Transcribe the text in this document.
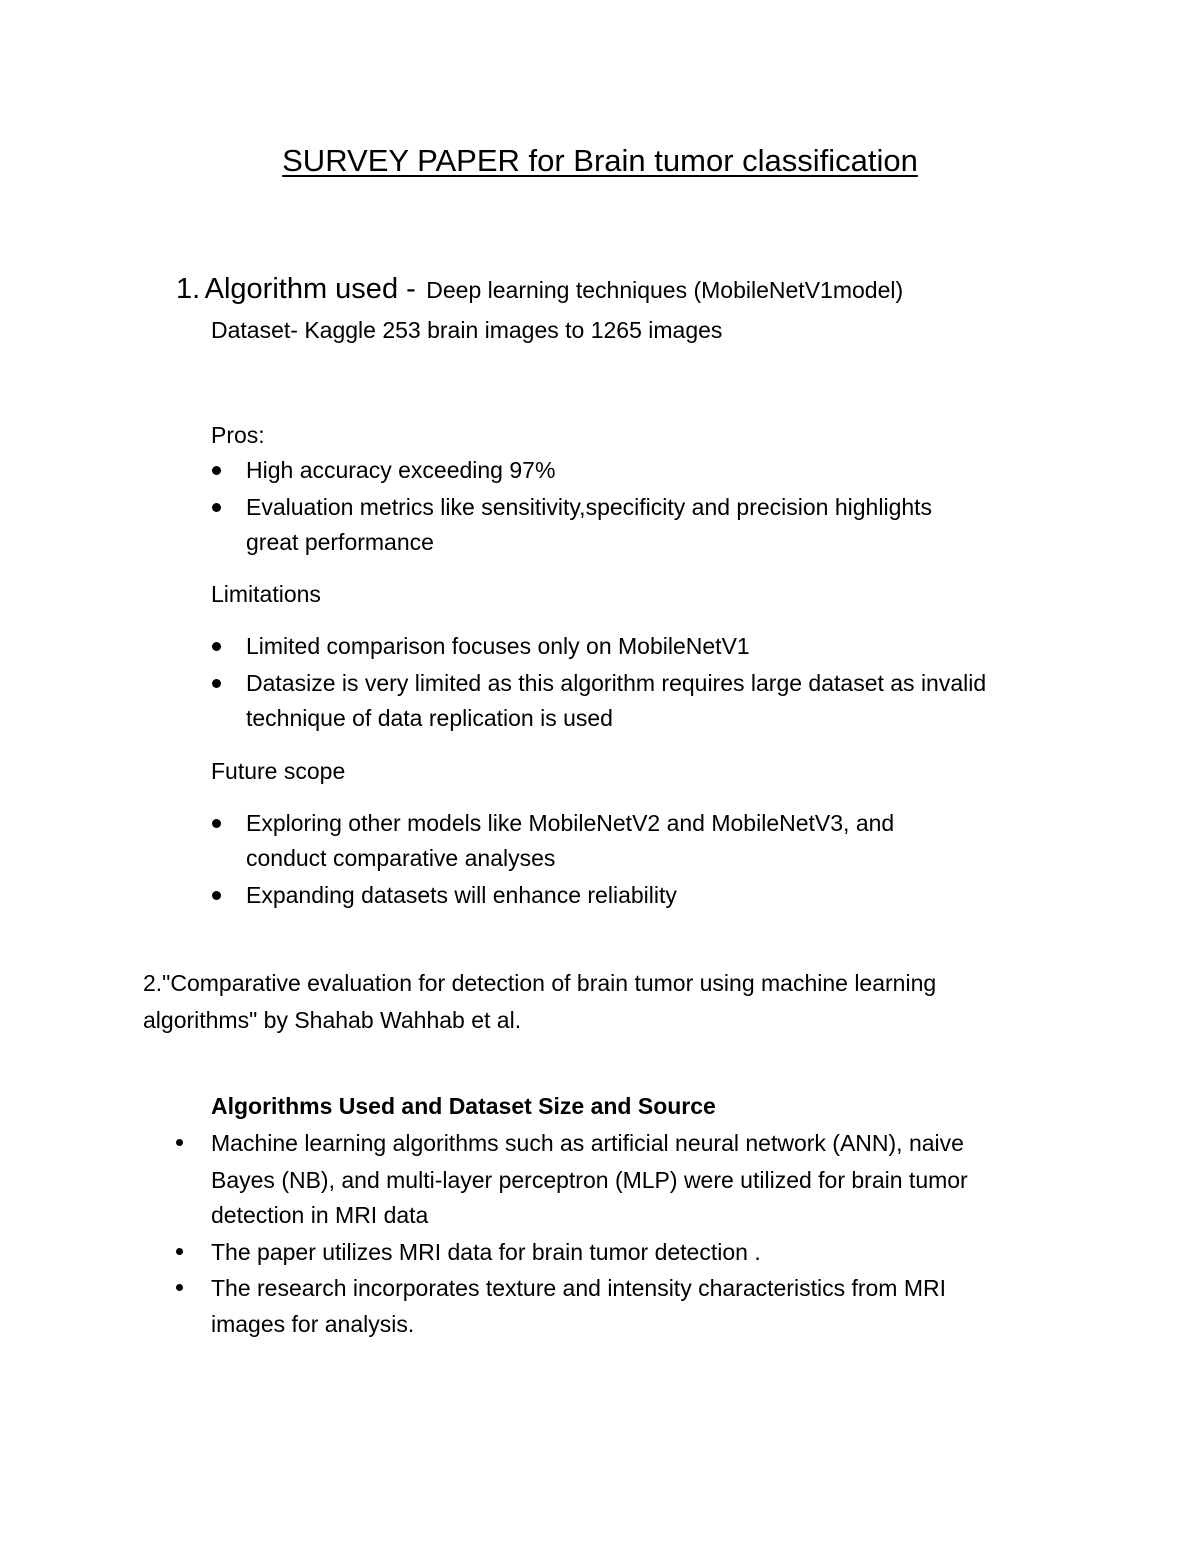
SURVEY PAPER for Brain tumor classification
1. Algorithm used - Deep learning techniques (MobileNetV1model)
Dataset- Kaggle 253 brain images to 1265 images
Pros:
High accuracy exceeding 97%
Evaluation metrics like sensitivity,specificity and precision highlights
great performance
Limitations
Limited comparison focuses only on MobileNetV1
Datasize is very limited as this algorithm requires large dataset as invalid
technique of data replication is used
Future scope
Exploring other models like MobileNetV2 and MobileNetV3, and
conduct comparative analyses
Expanding datasets will enhance reliability
2."Comparative evaluation for detection of brain tumor using machine learning
algorithms" by Shahab Wahhab et al.
Algorithms Used and Dataset Size and Source
Machine learning algorithms such as artificial neural network (ANN), naive
Bayes (NB), and multi-layer perceptron (MLP) were utilized for brain tumor
detection in MRI data
The paper utilizes MRI data for brain tumor detection .
The research incorporates texture and intensity characteristics from MRI
images for analysis.
